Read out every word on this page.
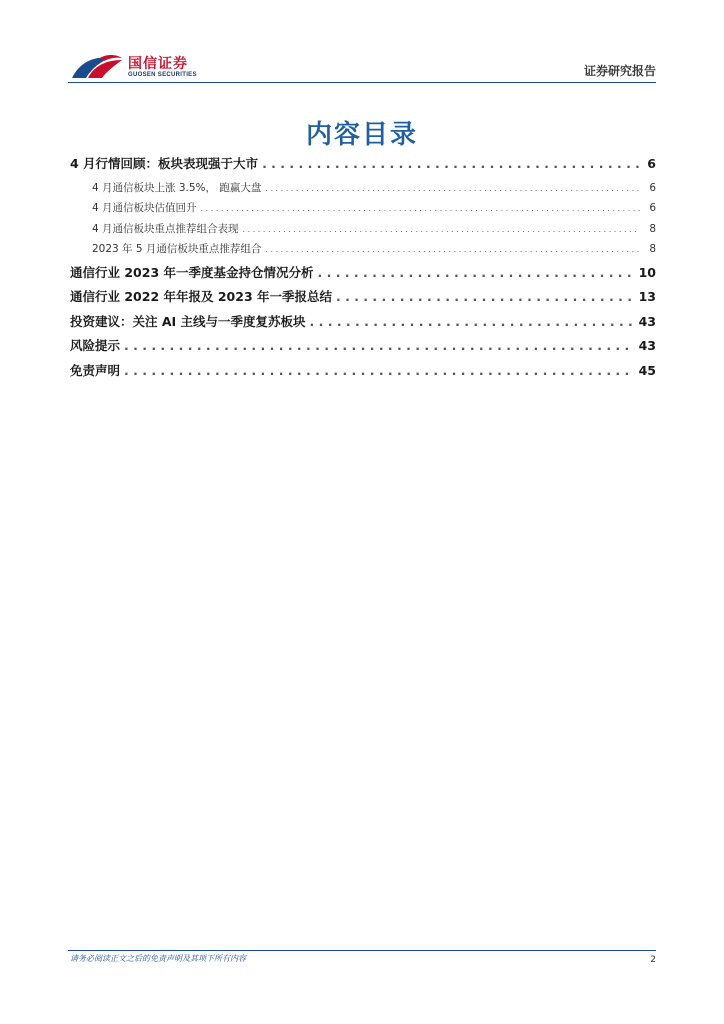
国信证券
GUOSEN SECURITIES	证券研究报告
内容目录
4 月行情回顾：板块表现强于大市 . . .	6
4 月通信板块上涨 3.5%， 跑赢大盘 . . .	6
4 月通信板块估值回升 . . .	6
4 月通信板块重点推荐组合表现 . . .	8
2023 年 5 月通信板块重点推荐组合 . . .	8
通信行业 2023 年一季度基金持仓情况分析 . . .	10
通信行业 2022 年年报及 2023 年一季报总结 . . .	13
投资建议：关注 AI 主线与一季度复苏板块 . . .	43
风险提示 . . .	43
免责声明 . . .	45
请务必阅读正文之后的免责声明及其项下所有内容	2
